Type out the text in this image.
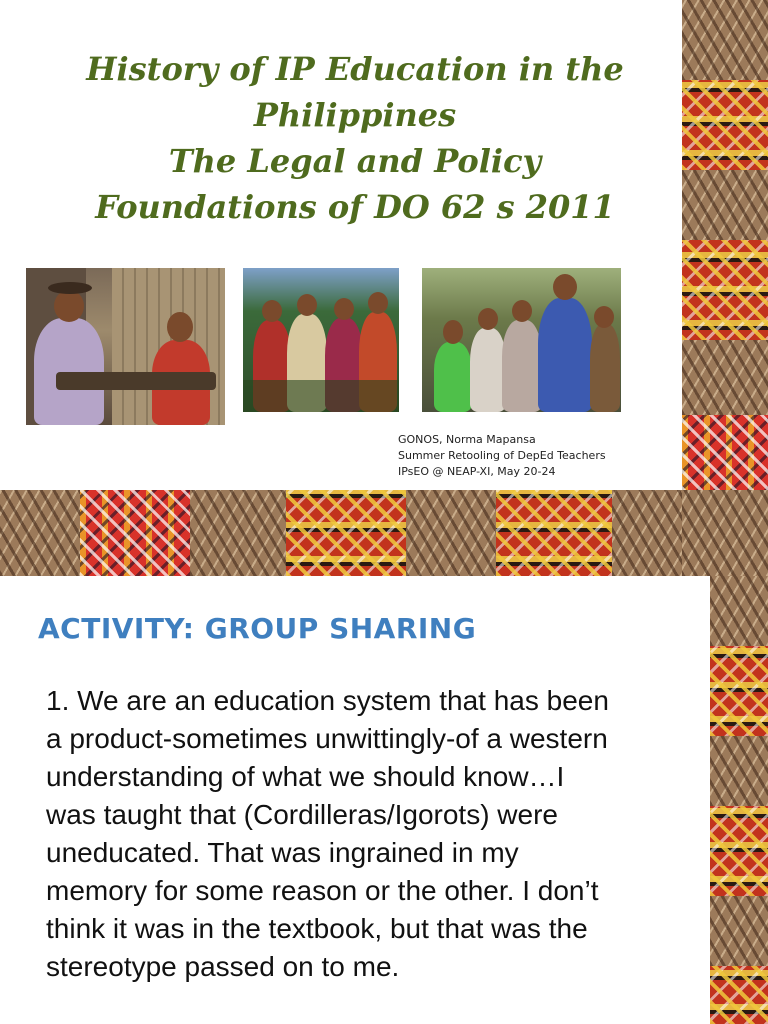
History of IP Education in the
Philippines
The Legal and Policy
Foundations of DO 62 s 2011
GONOS, Norma Mapansa
Summer Retooling of DepEd Teachers
IPsEO @ NEAP-XI, May 20-24
ACTIVITY: GROUP SHARING
1. We are an education system that has been
a product-sometimes unwittingly-of a western
understanding of what we should know…I
was taught that (Cordilleras/Igorots) were
uneducated. That was ingrained in my
memory for some reason or the other. I don’t
think it was in the textbook, but that was the
stereotype passed on to me.
